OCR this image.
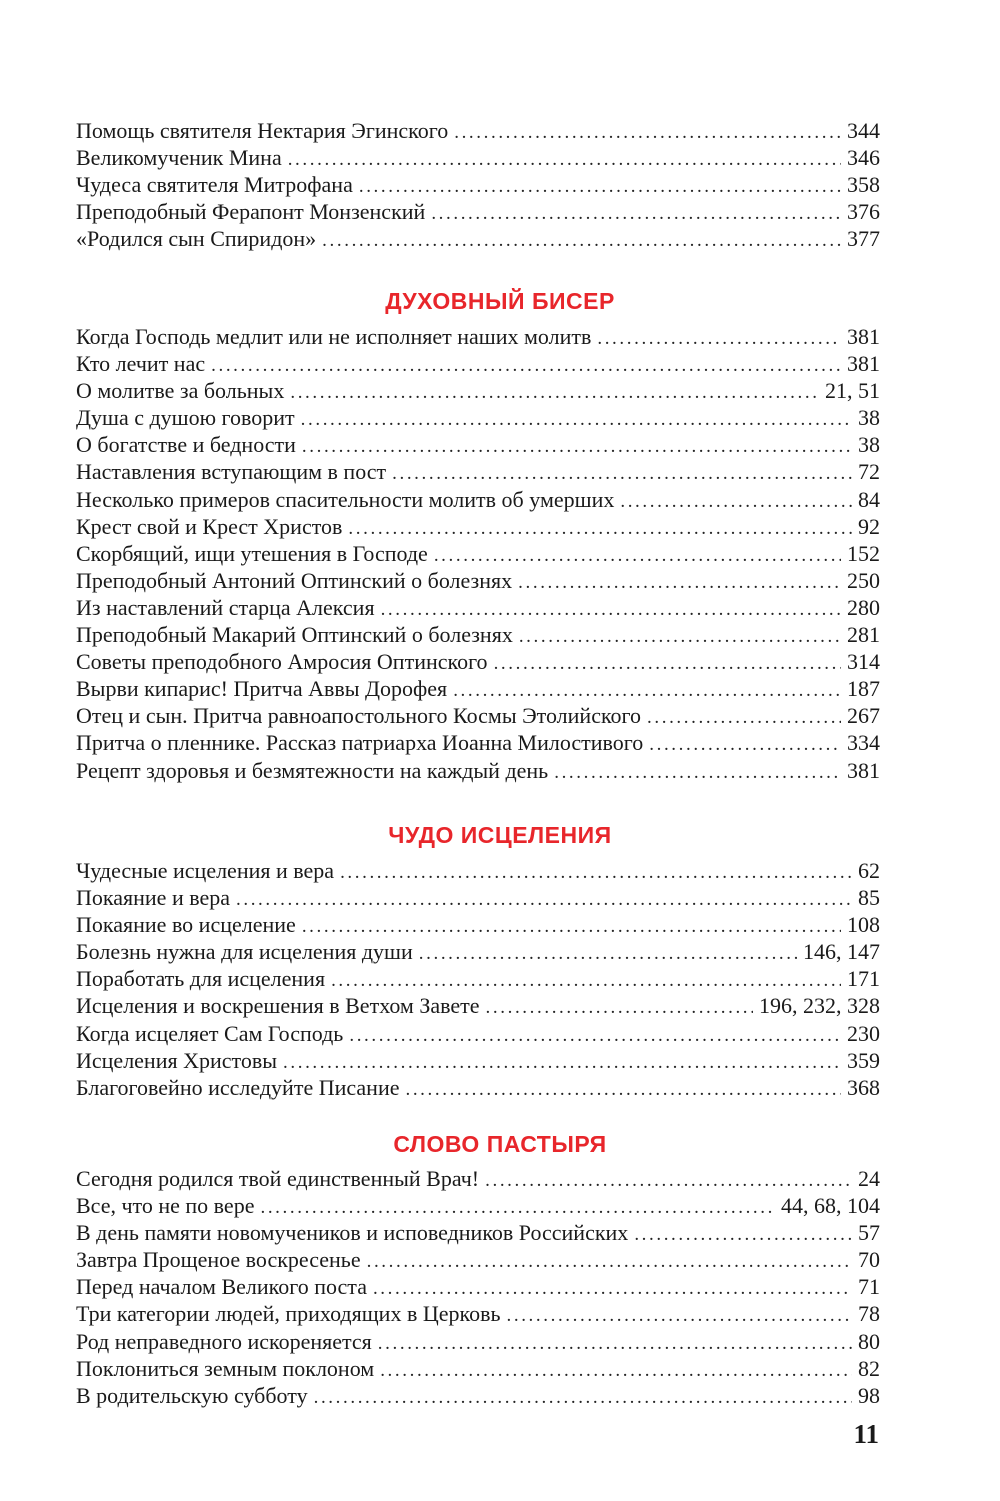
Помощь святителя Нектария Эгинского .....	344
Великомученик Мина .....	346
Чудеса святителя Митрофана .....	358
Преподобный Ферапонт Монзенский .....	376
«Родился сын Спиридон» .....	377
ДУХОВНЫЙ БИСЕР
Когда Господь медлит или не исполняет наших молитв .....	381
Кто лечит нас .....	381
О молитве за больных .....	21, 51
Душа с душою говорит .....	38
О богатстве и бедности .....	38
Наставления вступающим в пост .....	72
Несколько примеров спасительности молитв об умерших .....	84
Крест свой и Крест Христов .....	92
Скорбящий, ищи утешения в Господе .....	152
Преподобный Антоний Оптинский о болезнях .....	250
Из наставлений старца Алексия .....	280
Преподобный Макарий Оптинский о болезнях .....	281
Советы преподобного Амросия Оптинского .....	314
Вырви кипарис! Притча Аввы Дорофея .....	187
Отец и сын. Притча равноапостольного Космы Этолийского .....	267
Притча о пленнике. Рассказ патриарха Иоанна Милостивого .....	334
Рецепт здоровья и безмятежности на каждый день .....	381
ЧУДО ИСЦЕЛЕНИЯ
Чудесные исцеления и вера .....	62
Покаяние и вера .....	85
Покаяние во исцеление .....	108
Болезнь нужна для исцеления души .....	146, 147
Поработать для исцеления .....	171
Исцеления и воскрешения в Ветхом Завете .....	196, 232, 328
Когда исцеляет Сам Господь .....	230
Исцеления Христовы .....	359
Благоговейно исследуйте Писание .....	368
СЛОВО ПАСТЫРЯ
Сегодня родился твой единственный Врач! .....	24
Все, что не по вере .....	44, 68, 104
В день памяти новомучеников и исповедников Российских .....	57
Завтра Прощеное воскресенье .....	70
Перед началом Великого поста .....	71
Три категории людей, приходящих в Церковь .....	78
Род неправедного искореняется .....	80
Поклониться земным поклоном .....	82
В родительскую субботу .....	98
11
